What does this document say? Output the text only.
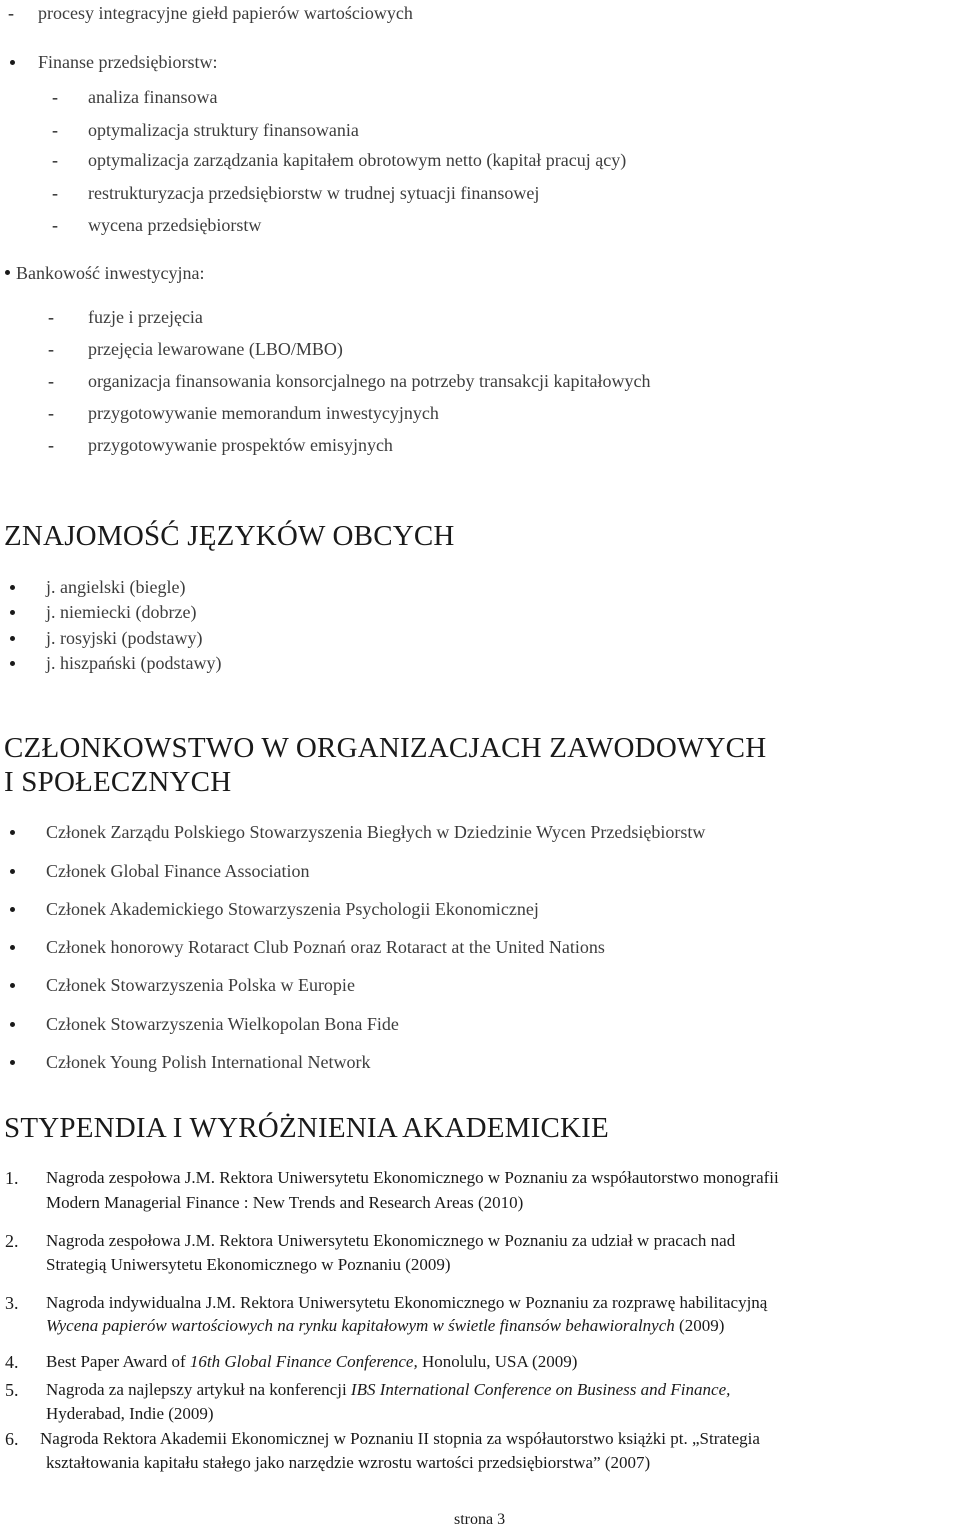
- procesy integracyjne giełd papierów wartościowych
Finanse przedsiębiorstw:
- analiza finansowa
- optymalizacja struktury finansowania
- optymalizacja zarządzania kapitałem obrotowym netto (kapitał pracuj ący)
- restrukturyzacja przedsiębiorstw w trudnej sytuacji finansowej
- wycena przedsiębiorstw
Bankowość inwestycyjna:
- fuzje i przejęcia
- przejęcia lewarowane (LBO/MBO)
- organizacja finansowania konsorcjalnego na potrzeby transakcji kapitałowych
- przygotowywanie memorandum inwestycyjnych
- przygotowywanie prospektów emisyjnych
ZNAJOMOŚĆ JĘZYKÓW OBCYCH
j. angielski (biegle)
j. niemiecki (dobrze)
j. rosyjski (podstawy)
j. hiszpański (podstawy)
CZŁONKOWSTWO W ORGANIZACJACH ZAWODOWYCH
I SPOŁECZNYCH
Członek Zarządu Polskiego Stowarzyszenia Biegłych w Dziedzinie Wycen Przedsiębiorstw
Członek Global Finance Association
Członek Akademickiego Stowarzyszenia Psychologii Ekonomicznej
Członek honorowy Rotaract Club Poznań oraz Rotaract at the United Nations
Członek Stowarzyszenia Polska w Europie
Członek Stowarzyszenia Wielkopolan Bona Fide
Członek Young Polish International Network
STYPENDIA I WYRÓŻNIENIA AKADEMICKIE
1. Nagroda zespołowa J.M. Rektora Uniwersytetu Ekonomicznego w Poznaniu za współautorstwo monografii
Modern Managerial Finance : New Trends and Research Areas (2010)
2. Nagroda zespołowa J.M. Rektora Uniwersytetu Ekonomicznego w Poznaniu za udział w pracach nad
Strategią Uniwersytetu Ekonomicznego w Poznaniu (2009)
3. Nagroda indywidualna J.M. Rektora Uniwersytetu Ekonomicznego w Poznaniu za rozprawę habilitacyjną
Wycena papierów wartościowych na rynku kapitałowym w świetle finansów behawioralnych (2009)
4. Best Paper Award of 16th Global Finance Conference, Honolulu, USA (2009)
5. Nagroda za najlepszy artykuł na konferencji IBS International Conference on Business and Finance,
Hyderabad, Indie (2009)
6. Nagroda Rektora Akademii Ekonomicznej w Poznaniu II stopnia za współautorstwo książki pt. „Strategia
kształtowania kapitału stałego jako narzędzie wzrostu wartości przedsiębiorstwa” (2007)
strona 3
